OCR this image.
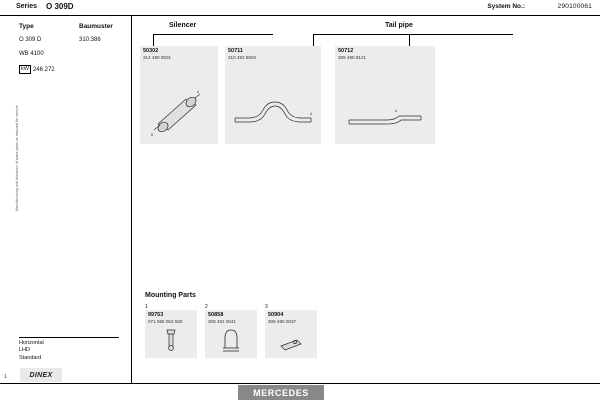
Series O 309D	System No.:	290100061
Manufacturing and alteration of spare parts as required for service
1
Type	Baumuster
O 309 D	310.386
WB 4100
kW 246 272
Horizontal
LHD
Standard
DINEX
Silencer	Tail pipe
50302
314 490 0501
A
B
50711
310 492 8604
A
50712
309 490 9121
A
Mounting Parts
1
99753
071 555 053 500
2
50858
309 491 0041
3
50904
309 490 0037
MERCEDES
